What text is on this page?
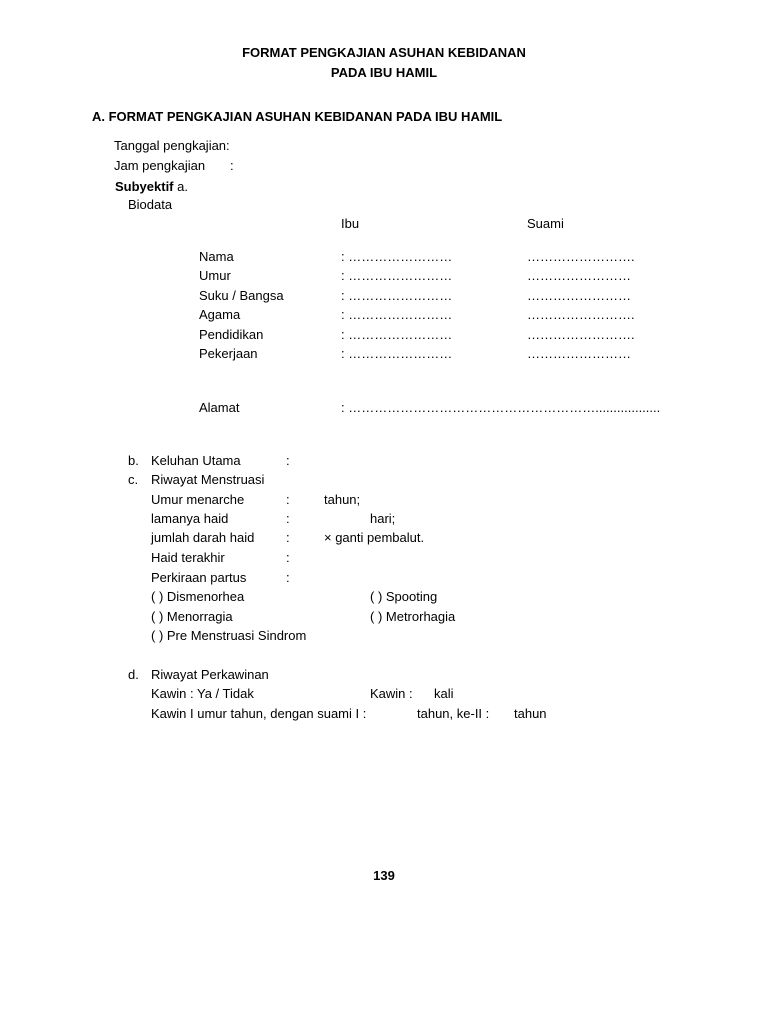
FORMAT PENGKAJIAN ASUHAN KEBIDANAN
PADA IBU HAMIL
A. FORMAT PENGKAJIAN ASUHAN KEBIDANAN PADA IBU HAMIL
Tanggal pengkajian:
Jam pengkajian :
Subyektif a.
Biodata
Ibu	Suami
Nama	: ……………………	…………………….
Umur	: ……………………	……………………
Suku / Bangsa	: ……………………	……………………
Agama	: ……………………	…………………….
Pendidikan	: ……………………	…………………….
Pekerjaan	: ……………………	……………………
Alamat	: …………………………………………………..................
b. Keluhan Utama	:
c. Riwayat Menstruasi
Umur menarche	:	tahun;
lamanya haid	:	hari;
jumlah darah haid :	× ganti pembalut.
Haid terakhir	:
Perkiraan partus	:
( ) Dismenorhea	( ) Spooting
( ) Menorragia	( ) Metrorhagia
( ) Pre Menstruasi Sindrom
d. Riwayat Perkawinan
Kawin : Ya / Tidak	Kawin : kali
Kawin I umur tahun, dengan suami I :	tahun, ke-II : tahun
139
